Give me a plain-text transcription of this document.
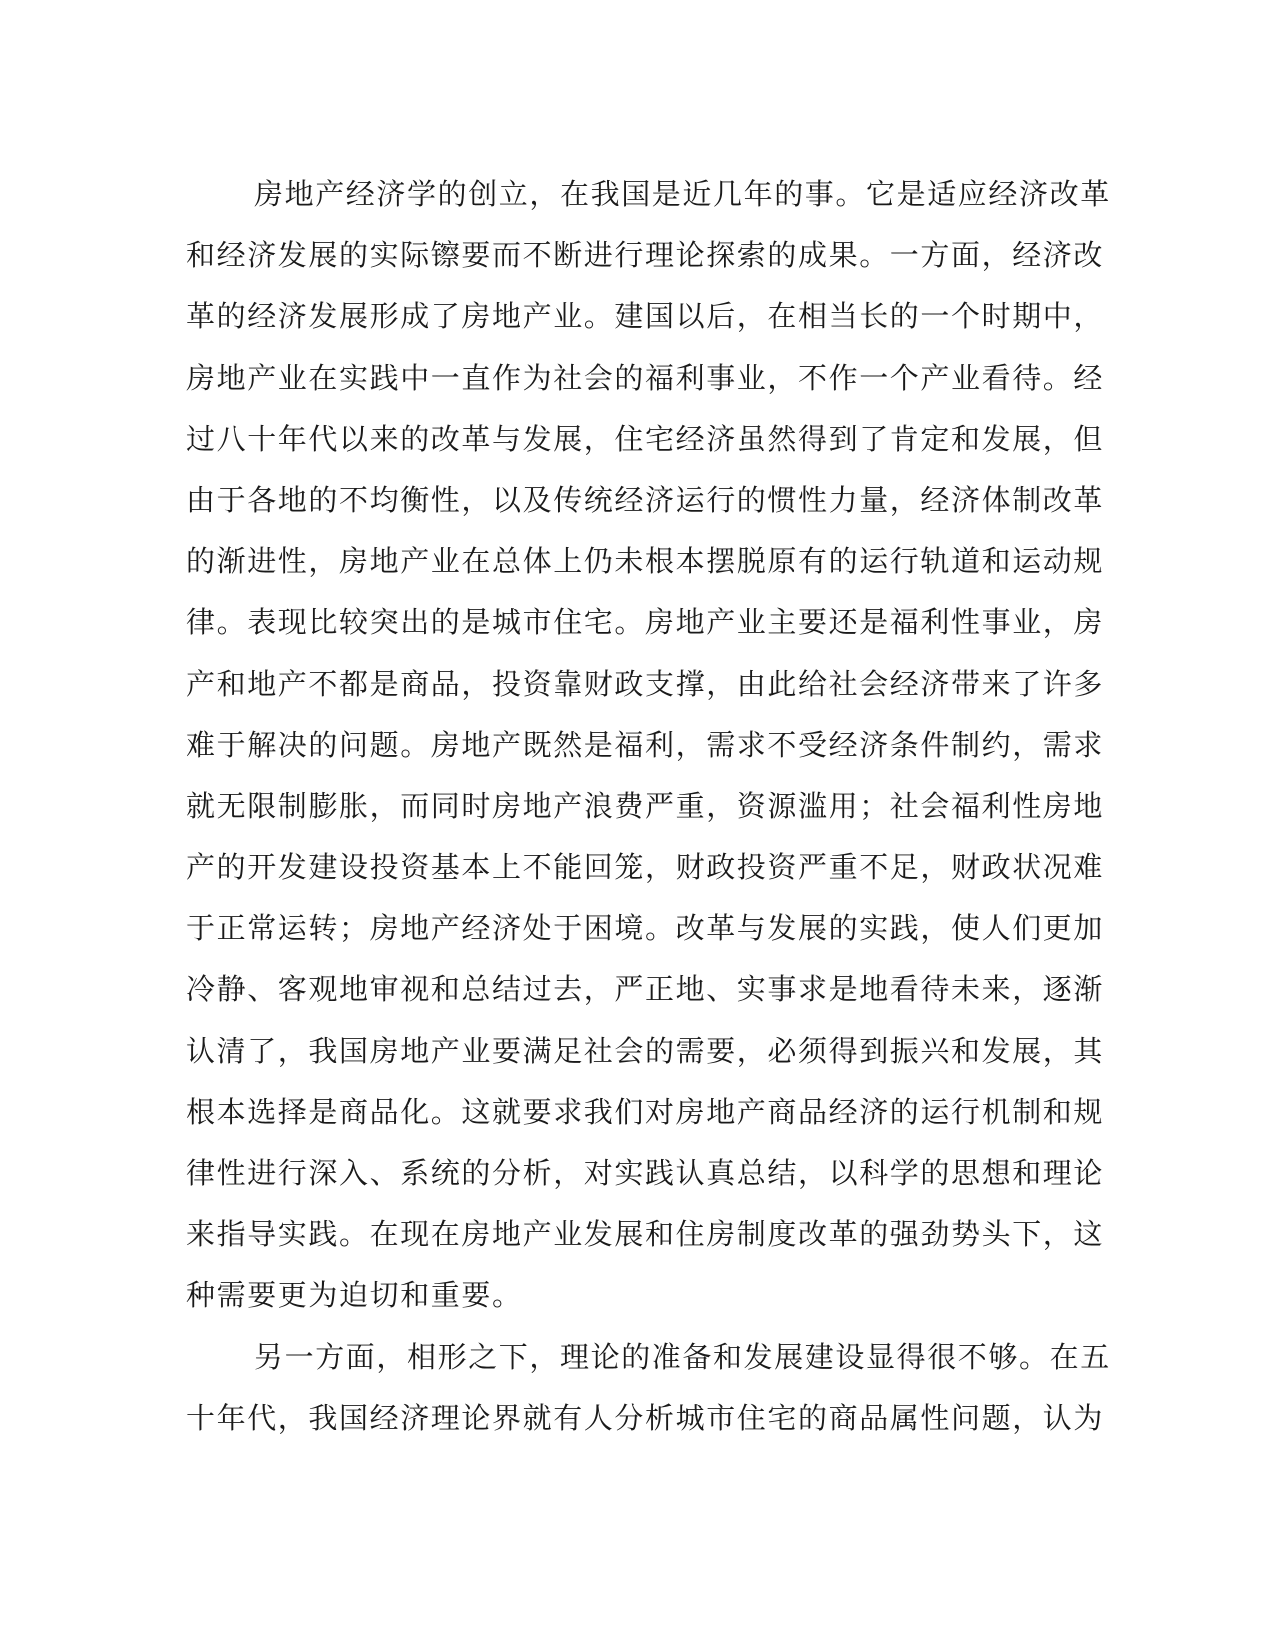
房地产经济学的创立，在我国是近几年的事。它是适应经济改革
和经济发展的实际镲要而不断进行理论探索的成果。一方面，经济改
革的经济发展形成了房地产业。建国以后，在相当长的一个时期中，
房地产业在实践中一直作为社会的福利事业，不作一个产业看待。经
过八十年代以来的改革与发展，住宅经济虽然得到了肯定和发展，但
由于各地的不均衡性，以及传统经济运行的惯性力量，经济体制改革
的渐进性，房地产业在总体上仍未根本摆脱原有的运行轨道和运动规
律。表现比较突出的是城市住宅。房地产业主要还是福利性事业，房
产和地产不都是商品，投资靠财政支撑，由此给社会经济带来了许多
难于解决的问题。房地产既然是福利，需求不受经济条件制约，需求
就无限制膨胀，而同时房地产浪费严重，资源滥用；社会福利性房地
产的开发建设投资基本上不能回笼，财政投资严重不足，财政状况难
于正常运转；房地产经济处于困境。改革与发展的实践，使人们更加
冷静、客观地审视和总结过去，严正地、实事求是地看待未来，逐渐
认清了，我国房地产业要满足社会的需要，必须得到振兴和发展，其
根本选择是商品化。这就要求我们对房地产商品经济的运行机制和规
律性进行深入、系统的分析，对实践认真总结，以科学的思想和理论
来指导实践。在现在房地产业发展和住房制度改革的强劲势头下，这
种需要更为迫切和重要。

另一方面，相形之下，理论的准备和发展建设显得很不够。在五
十年代，我国经济理论界就有人分析城市住宅的商品属性问题，认为
